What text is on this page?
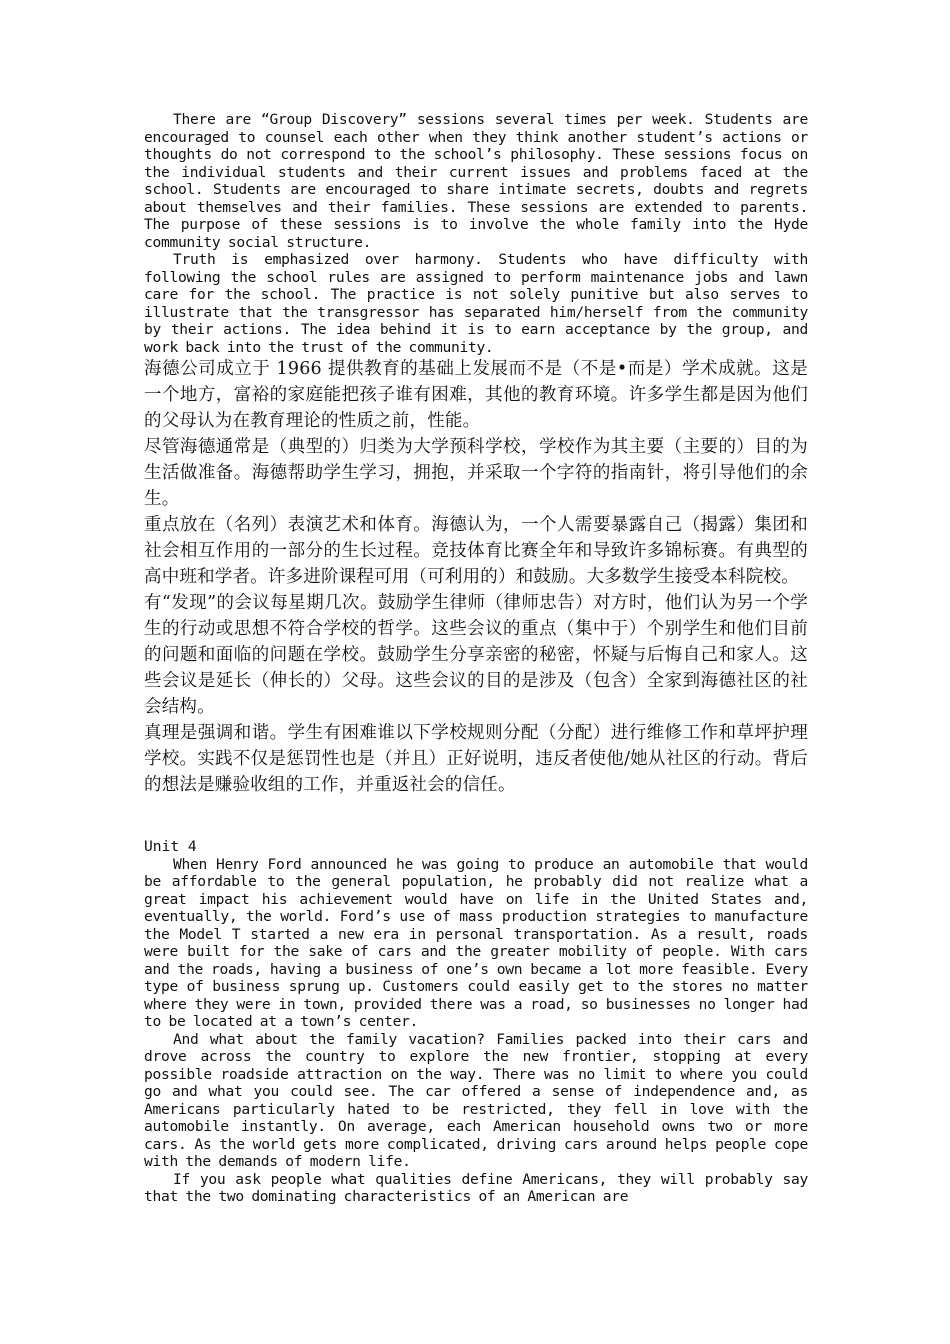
There are “Group Discovery” sessions several times per week. Students are encouraged to counsel each other when they think another student’s actions or thoughts do not correspond to the school’s philosophy. These sessions focus on the individual students and their current issues and problems faced at the school. Students are encouraged to share intimate secrets, doubts and regrets about themselves and their families. These sessions are extended to parents. The purpose of these sessions is to involve the whole family into the Hyde community social structure.

Truth is emphasized over harmony. Students who have difficulty with following the school rules are assigned to perform maintenance jobs and lawn care for the school. The practice is not solely punitive but also serves to illustrate that the transgressor has separated him/herself from the community by their actions. The idea behind it is to earn acceptance by the group, and work back into the trust of the community.

海德公司成立于 1966 提供教育的基础上发展而不是（不是•而是）学术成就。这是一个地方，富裕的家庭能把孩子谁有困难，其他的教育环境。许多学生都是因为他们的父母认为在教育理论的性质之前，性能。

尽管海德通常是（典型的）归类为大学预科学校，学校作为其主要（主要的）目的为生活做准备。海德帮助学生学习，拥抱，并采取一个字符的指南针，将引导他们的余生。

重点放在（名列）表演艺术和体育。海德认为，一个人需要暴露自己（揭露）集团和社会相互作用的一部分的生长过程。竞技体育比赛全年和导致许多锦标赛。有典型的高中班和学者。许多进阶课程可用（可利用的）和鼓励。大多数学生接受本科院校。

有“发现”的会议每星期几次。鼓励学生律师（律师忠告）对方时，他们认为另一个学生的行动或思想不符合学校的哲学。这些会议的重点（集中于）个别学生和他们目前的问题和面临的问题在学校。鼓励学生分享亲密的秘密，怀疑与后悔自己和家人。这些会议是延长（伸长的）父母。这些会议的目的是涉及（包含）全家到海德社区的社会结构。

真理是强调和谐。学生有困难谁以下学校规则分配（分配）进行维修工作和草坪护理学校。实践不仅是惩罚性也是（并且）正好说明，违反者使他/她从社区的行动。背后的想法是赚验收组的工作，并重返社会的信任。

Unit 4

When Henry Ford announced he was going to produce an automobile that would be affordable to the general population, he probably did not realize what a great impact his achievement would have on life in the United States and, eventually, the world. Ford’s use of mass production strategies to manufacture the Model T started a new era in personal transportation. As a result, roads were built for the sake of cars and the greater mobility of people. With cars and the roads, having a business of one’s own became a lot more feasible. Every type of business sprung up. Customers could easily get to the stores no matter where they were in town, provided there was a road, so businesses no longer had to be located at a town’s center.

And what about the family vacation? Families packed into their cars and drove across the country to explore the new frontier, stopping at every possible roadside attraction on the way. There was no limit to where you could go and what you could see. The car offered a sense of independence and, as Americans particularly hated to be restricted, they fell in love with the automobile instantly. On average, each American household owns two or more cars. As the world gets more complicated, driving cars around helps people cope with the demands of modern life.

If you ask people what qualities define Americans, they will probably say that the two dominating characteristics of an American are
